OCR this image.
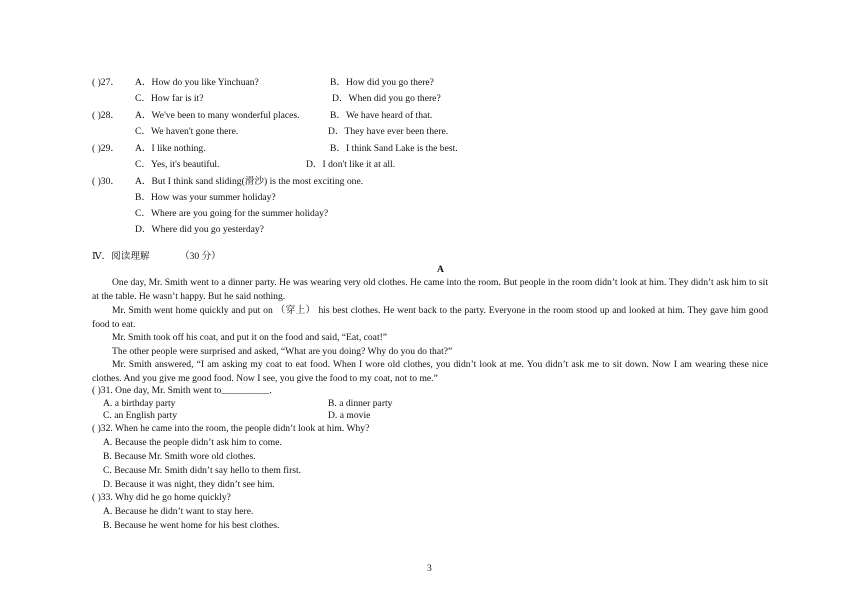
( )27． A．How do you like Yinchuan?	B．How did you go there?
C．How far is it?	D．When did you go there?
( )28． A．We've been to many wonderful places.	B．We have heard of that.
C．We haven't gone there.	D．They have ever been there.
( )29． A．I like nothing.	B．I think Sand Lake is the best.
C．Yes, it's beautiful.	D．I don't like it at all.
( )30． A．But I think sand sliding(滑沙) is the most exciting one.
B．How was your summer holiday?
C．Where are you going for the summer holiday?
D．Where did you go yesterday?
Ⅳ．阅读理解	（30 分）
A
One day, Mr. Smith went to a dinner party. He was wearing very old clothes. He came into the room. But people in the room didn’t look at him. They didn’t ask him to sit at the table. He wasn’t happy. But he said nothing.
Mr. Smith went home quickly and put on （穿上） his best clothes. He went back to the party. Everyone in the room stood up and looked at him. They gave him good food to eat.
Mr. Smith took off his coat, and put it on the food and said, “Eat, coat!”
The other people were surprised and asked, “What are you doing? Why do you do that?”
Mr. Smith answered, “I am asking my coat to eat food. When I wore old clothes, you didn’t look at me. You didn’t ask me to sit down. Now I am wearing these nice clothes. And you give me good food. Now I see, you give the food to my coat, not to me.”
( )31. One day, Mr. Smith went to__________.
A. a birthday party	B. a dinner party
C. an English party	D. a movie
( )32. When he came into the room, the people didn’t look at him. Why?
A. Because the people didn’t ask him to come.
B. Because Mr. Smith wore old clothes.
C. Because Mr. Smith didn’t say hello to them first.
D. Because it was night, they didn’t see him.
( )33. Why did he go home quickly?
A. Because he didn’t want to stay here.
B. Because he went home for his best clothes.
3
